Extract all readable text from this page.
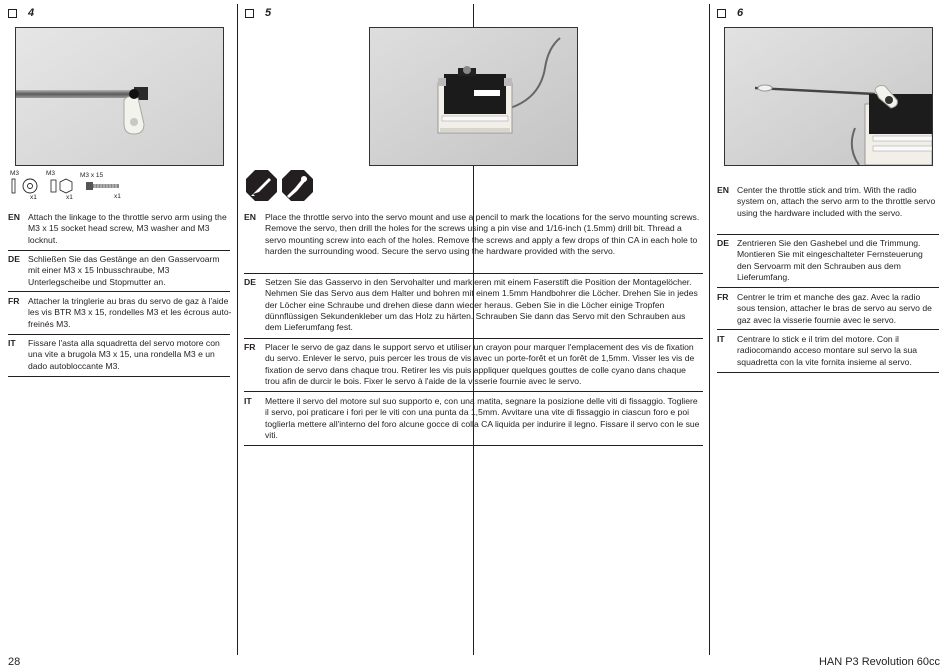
4	5	6
M3	M3	M3 x 15
x1	x1	x1
EN Attach the linkage to the throttle servo arm using the M3 x 15 socket head screw, M3 washer and M3 locknut.
DE Schließen Sie das Gestänge an den Gasservoarm mit einer M3 x 15 Inbusschraube, M3 Unterlegscheibe und Stopmutter an.
FR Attacher la tringlerie au bras du servo de gaz à l'aide les vis BTR M3 x 15, rondelles M3 et les écrous auto-freinés M3.
IT Fissare l'asta alla squadretta del servo motore con una vite a brugola M3 x 15, una rondella M3 e un dado autobloccante M3.
EN Place the throttle servo into the servo mount and use a pencil to mark the locations for the servo mounting screws. Remove the servo, then drill the holes for the screws using a pin vise and 1/16-inch (1.5mm) drill bit. Thread a servo mounting screw into each of the holes. Remove the screws and apply a few drops of thin CA in each hole to harden the surrounding wood. Secure the servo using the hardware provided with the servo.
DE Setzen Sie das Gasservo in den Servohalter und markieren mit einem Faserstift die Position der Montagelöcher. Nehmen Sie das Servo aus dem Halter und bohren mit einem 1.5mm Handbohrer die Löcher. Drehen Sie in jedes der Löcher eine Schraube und drehen diese dann wieder heraus. Geben Sie in die Löcher einige Tropfen dünnflüssigen Sekundenkleber um das Holz zu härten. Schrauben Sie dann das Servo mit den Schrauben aus dem Lieferumfang fest.
FR Placer le servo de gaz dans le support servo et utiliser un crayon pour marquer l'emplacement des vis de fixation du servo. Enlever le servo, puis percer les trous de vis avec un porte-forêt et un forêt de 1,5mm. Visser les vis de fixation de servo dans chaque trou. Retirer les vis puis appliquer quelques gouttes de colle cyano dans chaque trou afin de durcir le bois. Fixer le servo à l'aide de la visserie fournie avec le servo.
IT Mettere il servo del motore sul suo supporto e, con una matita, segnare la posizione delle viti di fissaggio. Togliere il servo, poi praticare i fori per le viti con una punta da 1,5mm. Avvitare una vite di fissaggio in ciascun foro e poi toglierla mettere all'interno del foro alcune gocce di colla CA liquida per indurire il legno. Fissare il servo con le sue viti.
EN Center the throttle stick and trim. With the radio system on, attach the servo arm to the throttle servo using the hardware included with the servo.
DE Zentrieren Sie den Gashebel und die Trimmung. Montieren Sie mit eingeschalteter Fernsteuerung den Servoarm mit den Schrauben aus dem Lieferumfang.
FR Centrer le trim et manche des gaz. Avec la radio sous tension, attacher le bras de servo au servo de gaz avec la visserie fournie avec le servo.
IT Centrare lo stick e il trim del motore. Con il radiocomando acceso montare sul servo la sua squadretta con la vite fornita insieme al servo.
28	HAN P3 Revolution 60cc
